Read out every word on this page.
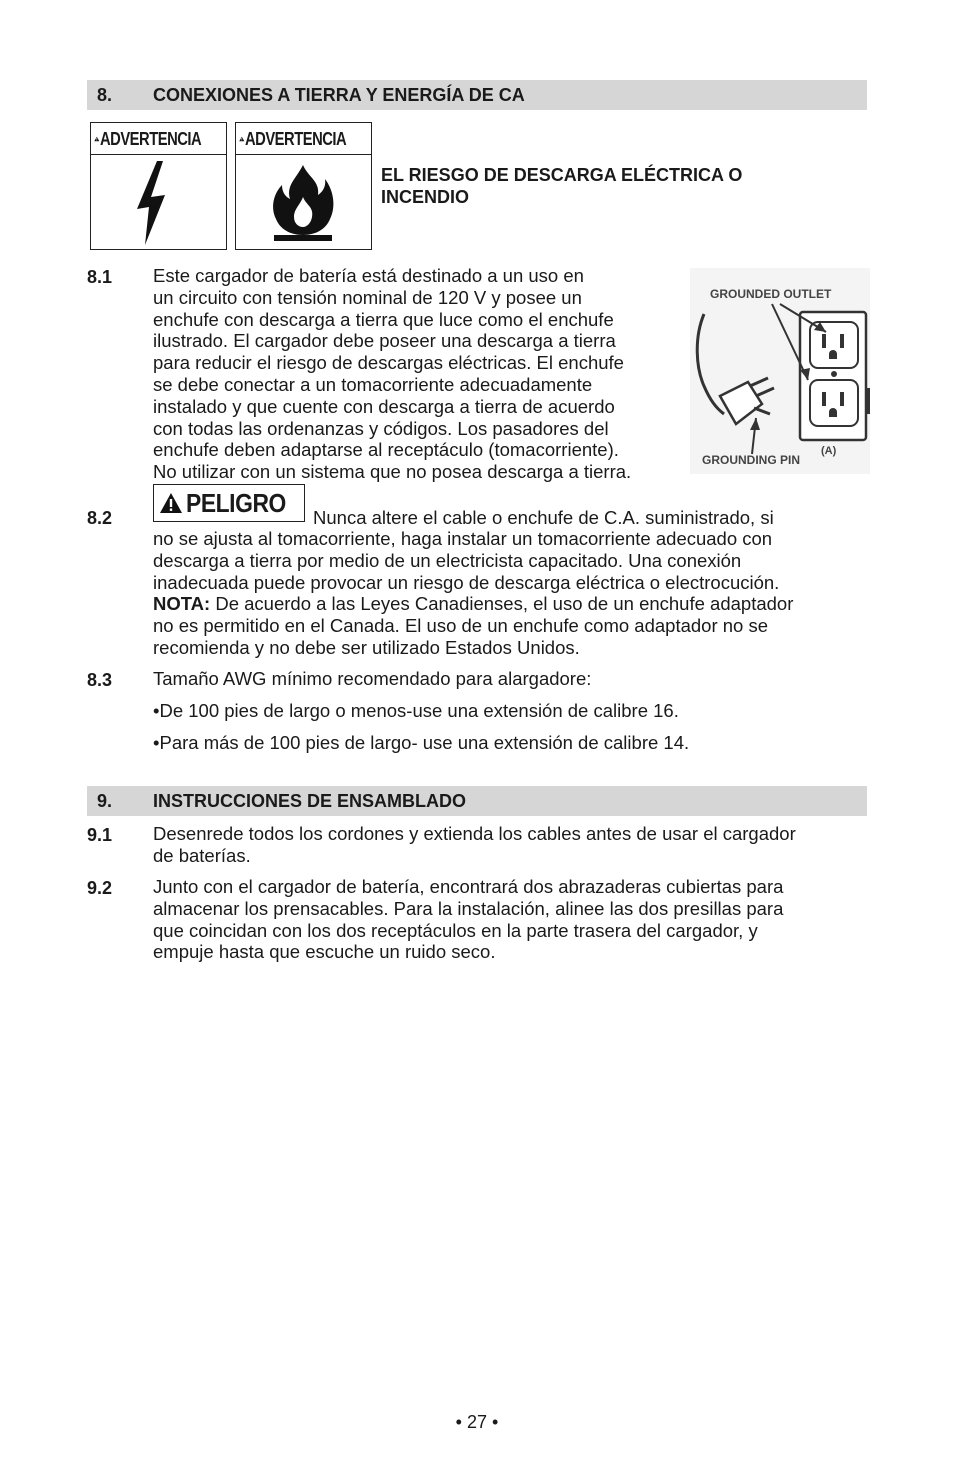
8. CONEXIONES A TIERRA Y ENERGÍA DE CA
ADVERTENCIA ADVERTENCIA
EL RIESGO DE DESCARGA ELÉCTRICA O INCENDIO
8.1 Este cargador de batería está destinado a un uso en
un circuito con tensión nominal de 120 V y posee un
enchufe con descarga a tierra que luce como el enchufe
ilustrado. El cargador debe poseer una descarga a tierra
para reducir el riesgo de descargas eléctricas. El enchufe
se debe conectar a un tomacorriente adecuadamente
instalado y que cuente con descarga a tierra de acuerdo
con todas las ordenanzas y códigos. Los pasadores del
enchufe deben adaptarse al receptáculo (tomacorriente).
No utilizar con un sistema que no posea descarga a tierra.
GROUNDED OUTLET
GROUNDING PIN
(A)
8.2	PELIGRO Nunca altere el cable o enchufe de C.A. suministrado, si
no se ajusta al tomacorriente, haga instalar un tomacorriente adecuado con
descarga a tierra por medio de un electricista capacitado. Una conexión
inadecuada puede provocar un riesgo de descarga eléctrica o electrocución.
NOTA: De acuerdo a las Leyes Canadienses, el uso de un enchufe adaptador
no es permitido en el Canada. El uso de un enchufe como adaptador no se
recomienda y no debe ser utilizado Estados Unidos.
8.3 Tamaño AWG mínimo recomendado para alargadore:
•De 100 pies de largo o menos-use una extensión de calibre 16.
•Para más de 100 pies de largo- use una extensión de calibre 14.
9. INSTRUCCIONES DE ENSAMBLADO
9.1 Desenrede todos los cordones y extienda los cables antes de usar el cargador
de baterías.
9.2 Junto con el cargador de batería, encontrará dos abrazaderas cubiertas para
almacenar los prensacables. Para la instalación, alinee las dos presillas para
que coincidan con los dos receptáculos en la parte trasera del cargador, y
empuje hasta que escuche un ruido seco.
• 27 •
